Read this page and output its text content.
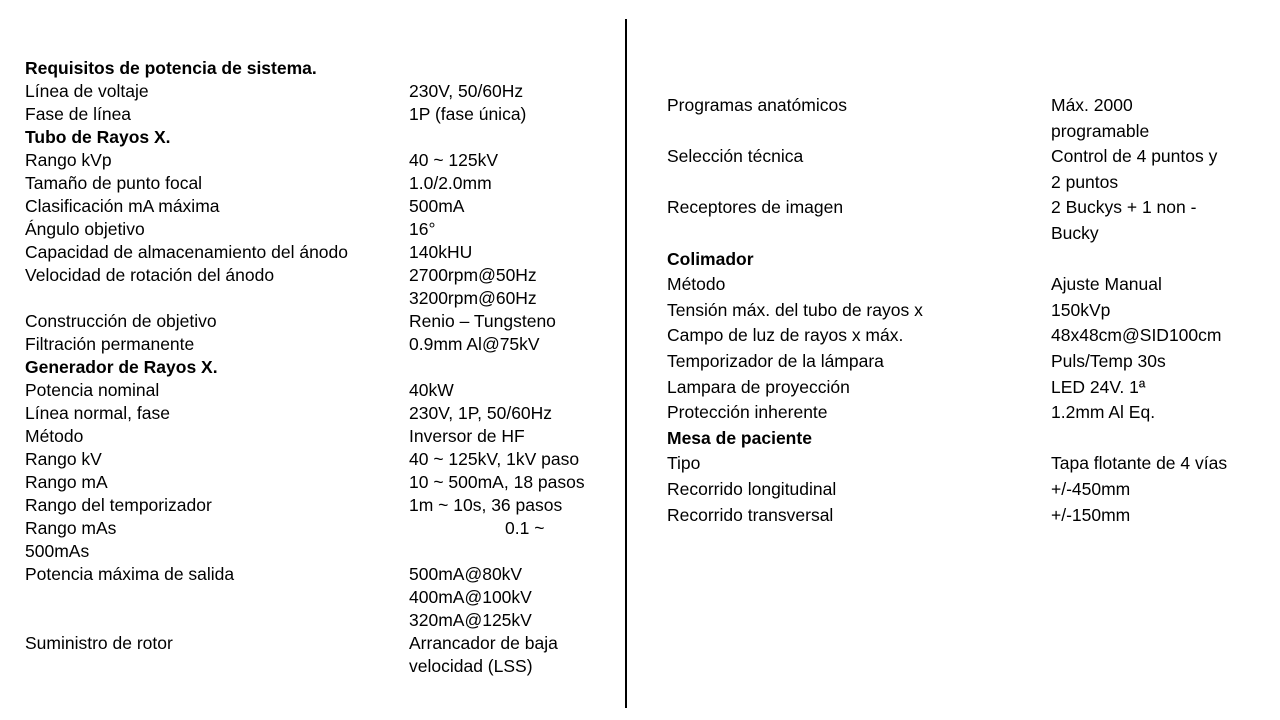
Requisitos de potencia de sistema.
Línea de voltaje	230V, 50/60Hz
Fase de línea	1P (fase única)
Tubo de Rayos X.
Rango kVp	40 ~ 125kV
Tamaño de punto focal	1.0/2.0mm
Clasificación mA máxima	500mA
Ángulo objetivo	16°
Capacidad de almacenamiento del ánodo	140kHU
Velocidad de rotación del ánodo	2700rpm@50Hz
3200rpm@60Hz
Construcción de objetivo	Renio – Tungsteno
Filtración permanente	0.9mm Al@75kV
Generador de Rayos X.
Potencia nominal	40kW
Línea normal, fase	230V, 1P, 50/60Hz
Método	Inversor de HF
Rango kV	40 ~ 125kV, 1kV paso
Rango mA	10 ~ 500mA, 18 pasos
Rango del temporizador	1m ~ 10s, 36 pasos
Rango mAs	0.1 ~
500mAs
Potencia máxima de salida	500mA@80kV
400mA@100kV
320mA@125kV
Suministro de rotor	Arrancador de baja
velocidad (LSS)
Programas anatómicos	Máx. 2000
programable
Selección técnica	Control de 4 puntos y
2 puntos
Receptores de imagen	2 Buckys + 1 non -
Bucky
Colimador
Método	Ajuste Manual
Tensión máx. del tubo de rayos x	150kVp
Campo de luz de rayos x máx.	48x48cm@SID100cm
Temporizador de la lámpara	Puls/Temp 30s
Lampara de proyección	LED 24V. 1ª
Protección inherente	1.2mm Al Eq.
Mesa de paciente
Tipo	Tapa flotante de 4 vías
Recorrido longitudinal	+/-450mm
Recorrido transversal	+/-150mm
